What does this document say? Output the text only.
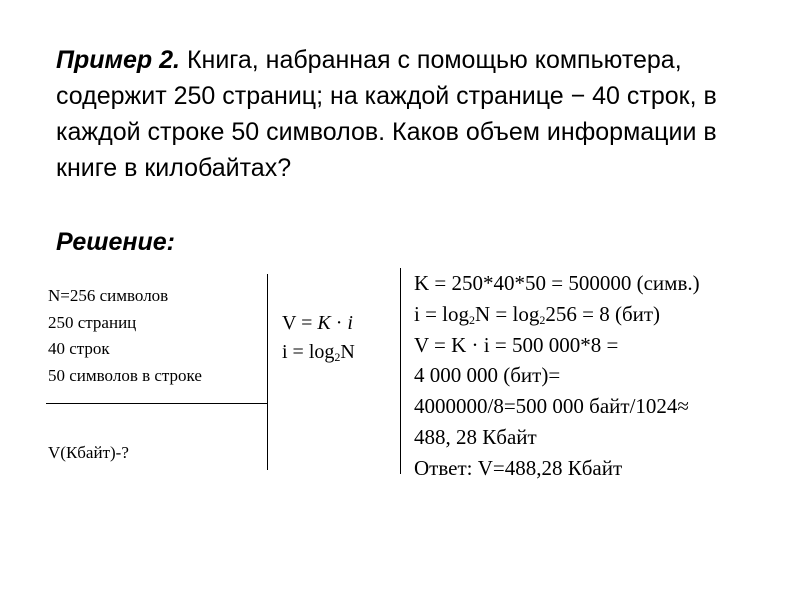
Пример 2. Книга, набранная с помощью компьютера, содержит 250 страниц; на каждой странице − 40 строк, в каждой строке 50 символов. Каков объем информации в книге в килобайтах?
Решение:
N=256 символов
250 страниц
40 строк
50 символов в строке
V(Кбайт)-?
V = K · i
$i = \log_2N$
K = 250*40*50 = 500000 (симв.)
$i = \log_2N = \log_2256 = 8$ (бит)
V = K · i = 500 000*8 =
4 000 000 (бит)=
4000000/8=500 000 байт/1024≈
488, 28 Кбайт
Ответ: V=488,28 Кбайт
